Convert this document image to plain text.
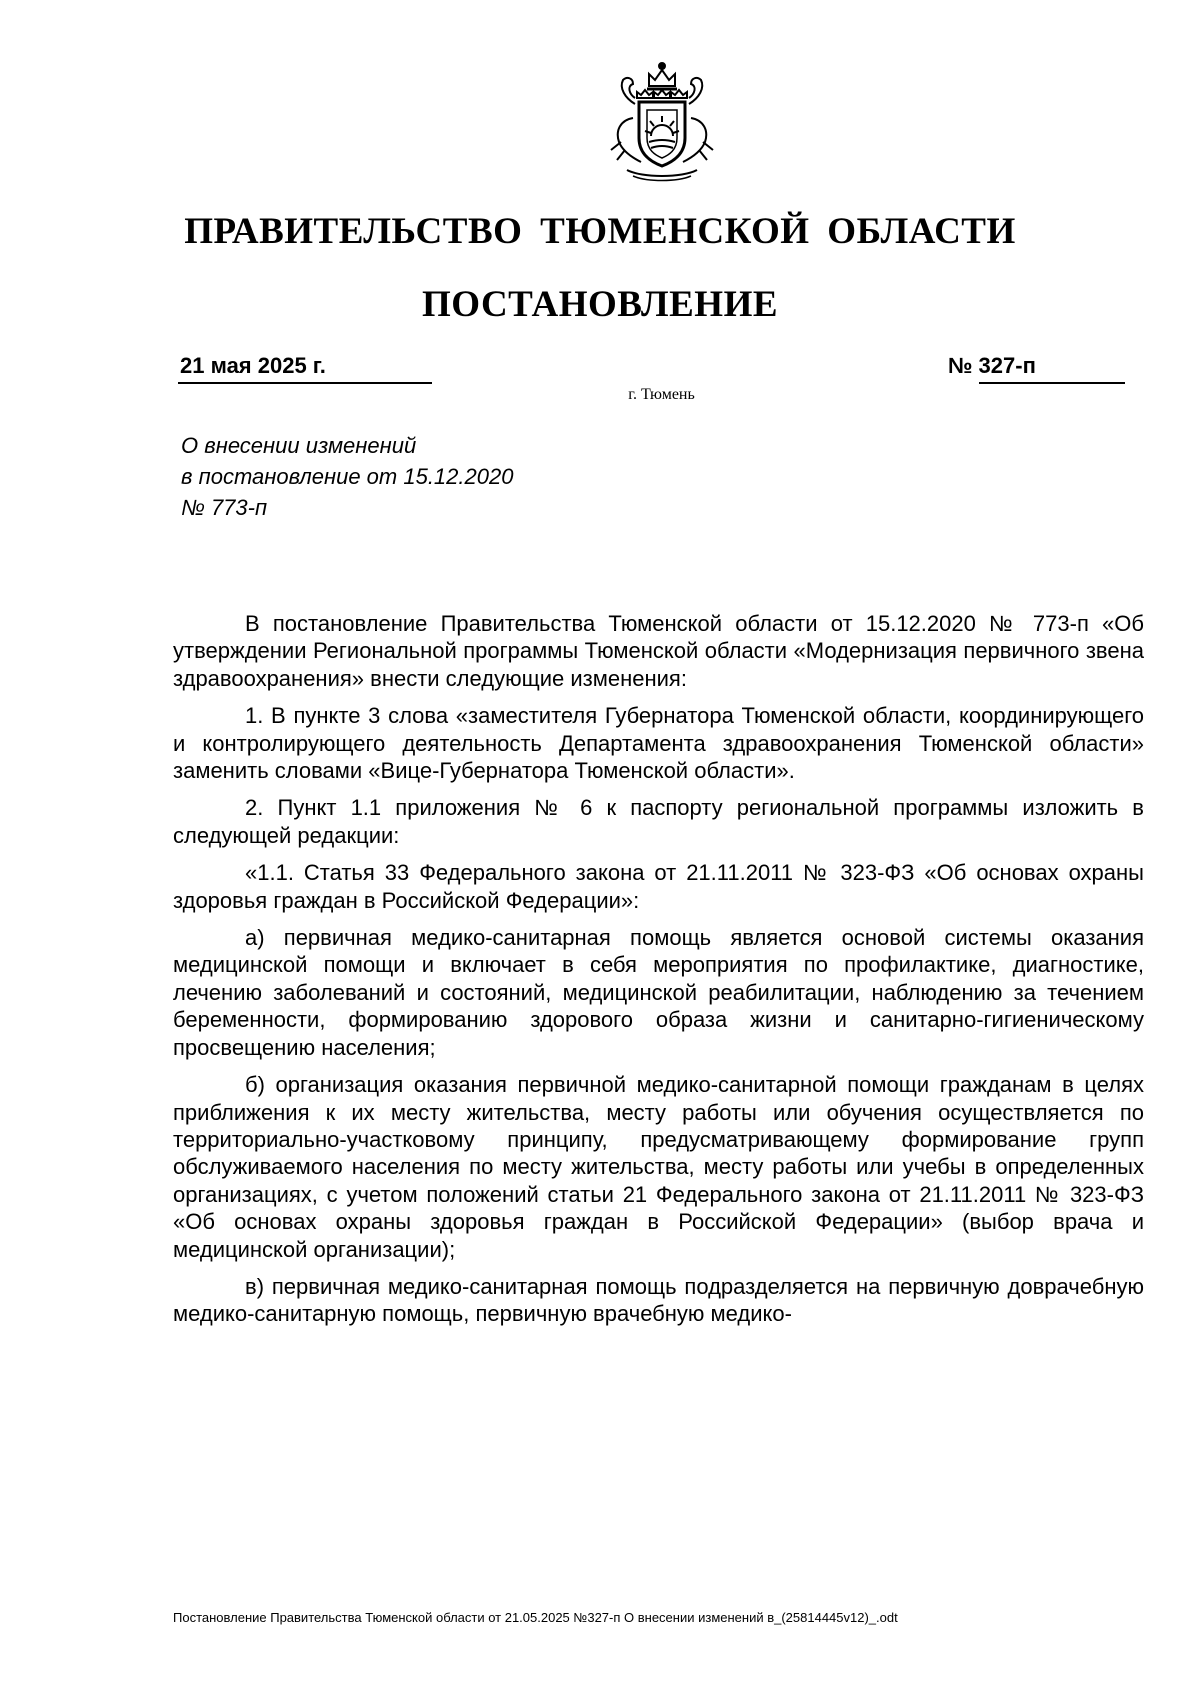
ПРАВИТЕЛЬСТВО ТЮМЕНСКОЙ ОБЛАСТИ
ПОСТАНОВЛЕНИЕ
21 мая 2025 г.	№ 327-п
г. Тюмень
О внесении изменений
в постановление от 15.12.2020
№ 773-п

В постановление Правительства Тюменской области от 15.12.2020 № 773-п «Об утверждении Региональной программы Тюменской области «Модернизация первичного звена здравоохранения» внести следующие изменения:

1. В пункте 3 слова «заместителя Губернатора Тюменской области, координирующего и контролирующего деятельность Департамента здравоохранения Тюменской области» заменить словами «Вице-Губернатора Тюменской области».

2. Пункт 1.1 приложения № 6 к паспорту региональной программы изложить в следующей редакции:

«1.1. Статья 33 Федерального закона от 21.11.2011 № 323-ФЗ «Об основах охраны здоровья граждан в Российской Федерации»:

а) первичная медико-санитарная помощь является основой системы оказания медицинской помощи и включает в себя мероприятия по профилактике, диагностике, лечению заболеваний и состояний, медицинской реабилитации, наблюдению за течением беременности, формированию здорового образа жизни и санитарно-гигиеническому просвещению населения;

б) организация оказания первичной медико-санитарной помощи гражданам в целях приближения к их месту жительства, месту работы или обучения осуществляется по территориально-участковому принципу, предусматривающему формирование групп обслуживаемого населения по месту жительства, месту работы или учебы в определенных организациях, с учетом положений статьи 21 Федерального закона от 21.11.2011 № 323-ФЗ «Об основах охраны здоровья граждан в Российской Федерации» (выбор врача и медицинской организации);

в) первичная медико-санитарная помощь подразделяется на первичную доврачебную медико-санитарную помощь, первичную врачебную медико-

Постановление Правительства Тюменской области от 21.05.2025 №327-п О внесении изменений в_(25814445v12)_.odt
